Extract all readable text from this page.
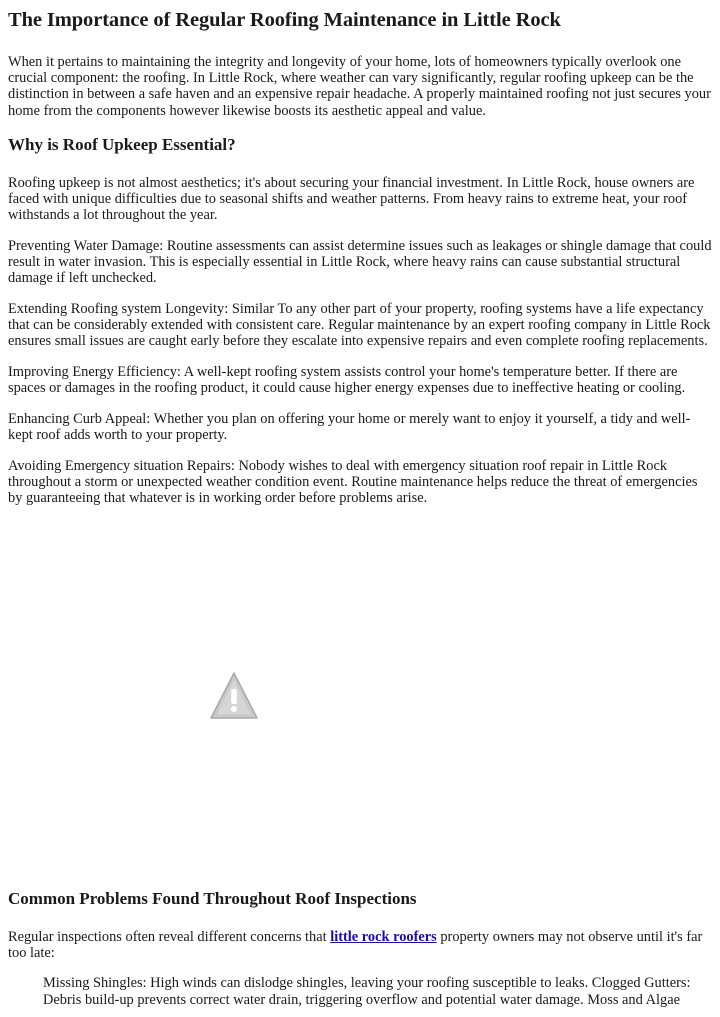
The Importance of Regular Roofing Maintenance in Little Rock

When it pertains to maintaining the integrity and longevity of your home, lots of homeowners typically overlook one crucial component: the roofing. In Little Rock, where weather can vary significantly, regular roofing upkeep can be the distinction in between a safe haven and an expensive repair headache. A properly maintained roofing not just secures your home from the components however likewise boosts its aesthetic appeal and value.

Why is Roof Upkeep Essential?

Roofing upkeep is not almost aesthetics; it's about securing your financial investment. In Little Rock, house owners are faced with unique difficulties due to seasonal shifts and weather patterns. From heavy rains to extreme heat, your roof withstands a lot throughout the year.

Preventing Water Damage: Routine assessments can assist determine issues such as leakages or shingle damage that could result in water invasion. This is especially essential in Little Rock, where heavy rains can cause substantial structural damage if left unchecked.

Extending Roofing system Longevity: Similar To any other part of your property, roofing systems have a life expectancy that can be considerably extended with consistent care. Regular maintenance by an expert roofing company in Little Rock ensures small issues are caught early before they escalate into expensive repairs and even complete roofing replacements.

Improving Energy Efficiency: A well-kept roofing system assists control your home's temperature better. If there are spaces or damages in the roofing product, it could cause higher energy expenses due to ineffective heating or cooling.

Enhancing Curb Appeal: Whether you plan on offering your home or merely want to enjoy it yourself, a tidy and well-kept roof adds worth to your property.

Avoiding Emergency situation Repairs: Nobody wishes to deal with emergency situation roof repair in Little Rock throughout a storm or unexpected weather condition event. Routine maintenance helps reduce the threat of emergencies by guaranteeing that whatever is in working order before problems arise.

Common Problems Found Throughout Roof Inspections

Regular inspections often reveal different concerns that little rock roofers property owners may not observe until it's far too late:

Missing Shingles: High winds can dislodge shingles, leaving your roofing susceptible to leaks. Clogged Gutters: Debris build-up prevents correct water drain, triggering overflow and potential water damage. Moss and Algae
